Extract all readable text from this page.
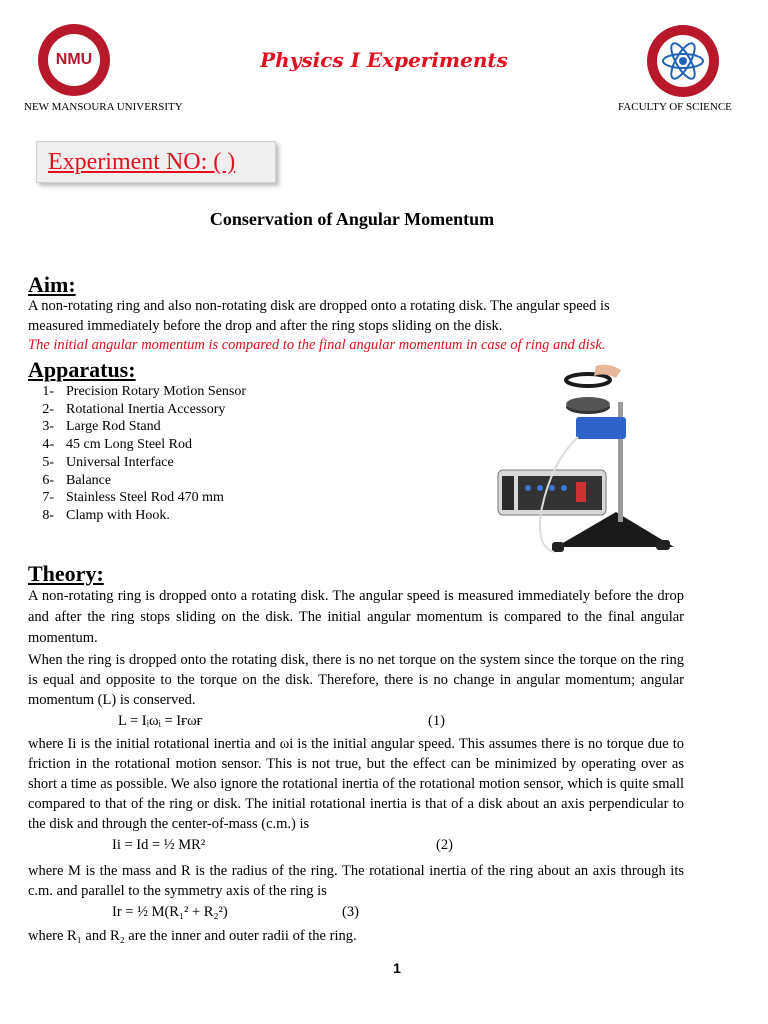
NMU	Physics I Experiments
NEW MANSOURA UNIVERSITY	FACULTY OF SCIENCE
Experiment NO: ( )
Conservation of Angular Momentum
Aim:
A non-rotating ring and also non-rotating disk are dropped onto a rotating disk. The angular speed is
measured immediately before the drop and after the ring stops sliding on the disk.
The initial angular momentum is compared to the final angular momentum in case of ring and disk.
Apparatus:
1- Precision Rotary Motion Sensor
2- Rotational Inertia Accessory
3- Large Rod Stand
4- 45 cm Long Steel Rod
5- Universal Interface
6- Balance
7- Stainless Steel Rod 470 mm
8- Clamp with Hook.
Theory:
A non-rotating ring is dropped onto a rotating disk. The angular speed is measured immediately before the drop and after the ring stops sliding on the disk. The initial angular momentum is compared to the final angular momentum.
When the ring is dropped onto the rotating disk, there is no net torque on the system since the torque on the ring is equal and opposite to the torque on the disk. Therefore, there is no change in angular momentum; angular momentum (L) is conserved.
L = Iᵢωᵢ = Iғωғ	(1)
where Ii is the initial rotational inertia and ωi is the initial angular speed. This assumes there is no torque due to friction in the rotational motion sensor. This is not true, but the effect can be minimized by operating over as short a time as possible. We also ignore the rotational inertia of the rotational motion sensor, which is quite small compared to that of the ring or disk. The initial rotational inertia is that of a disk about an axis perpendicular to the disk and through the center-of-mass (c.m.) is
Ii = Id = ½ MR²	(2)
where M is the mass and R is the radius of the ring. The rotational inertia of the ring about an axis through its c.m. and parallel to the symmetry axis of the ring is
Ir = ½ M(R₁² + R₂²)	(3)
where R₁ and R₂ are the inner and outer radii of the ring.
1
